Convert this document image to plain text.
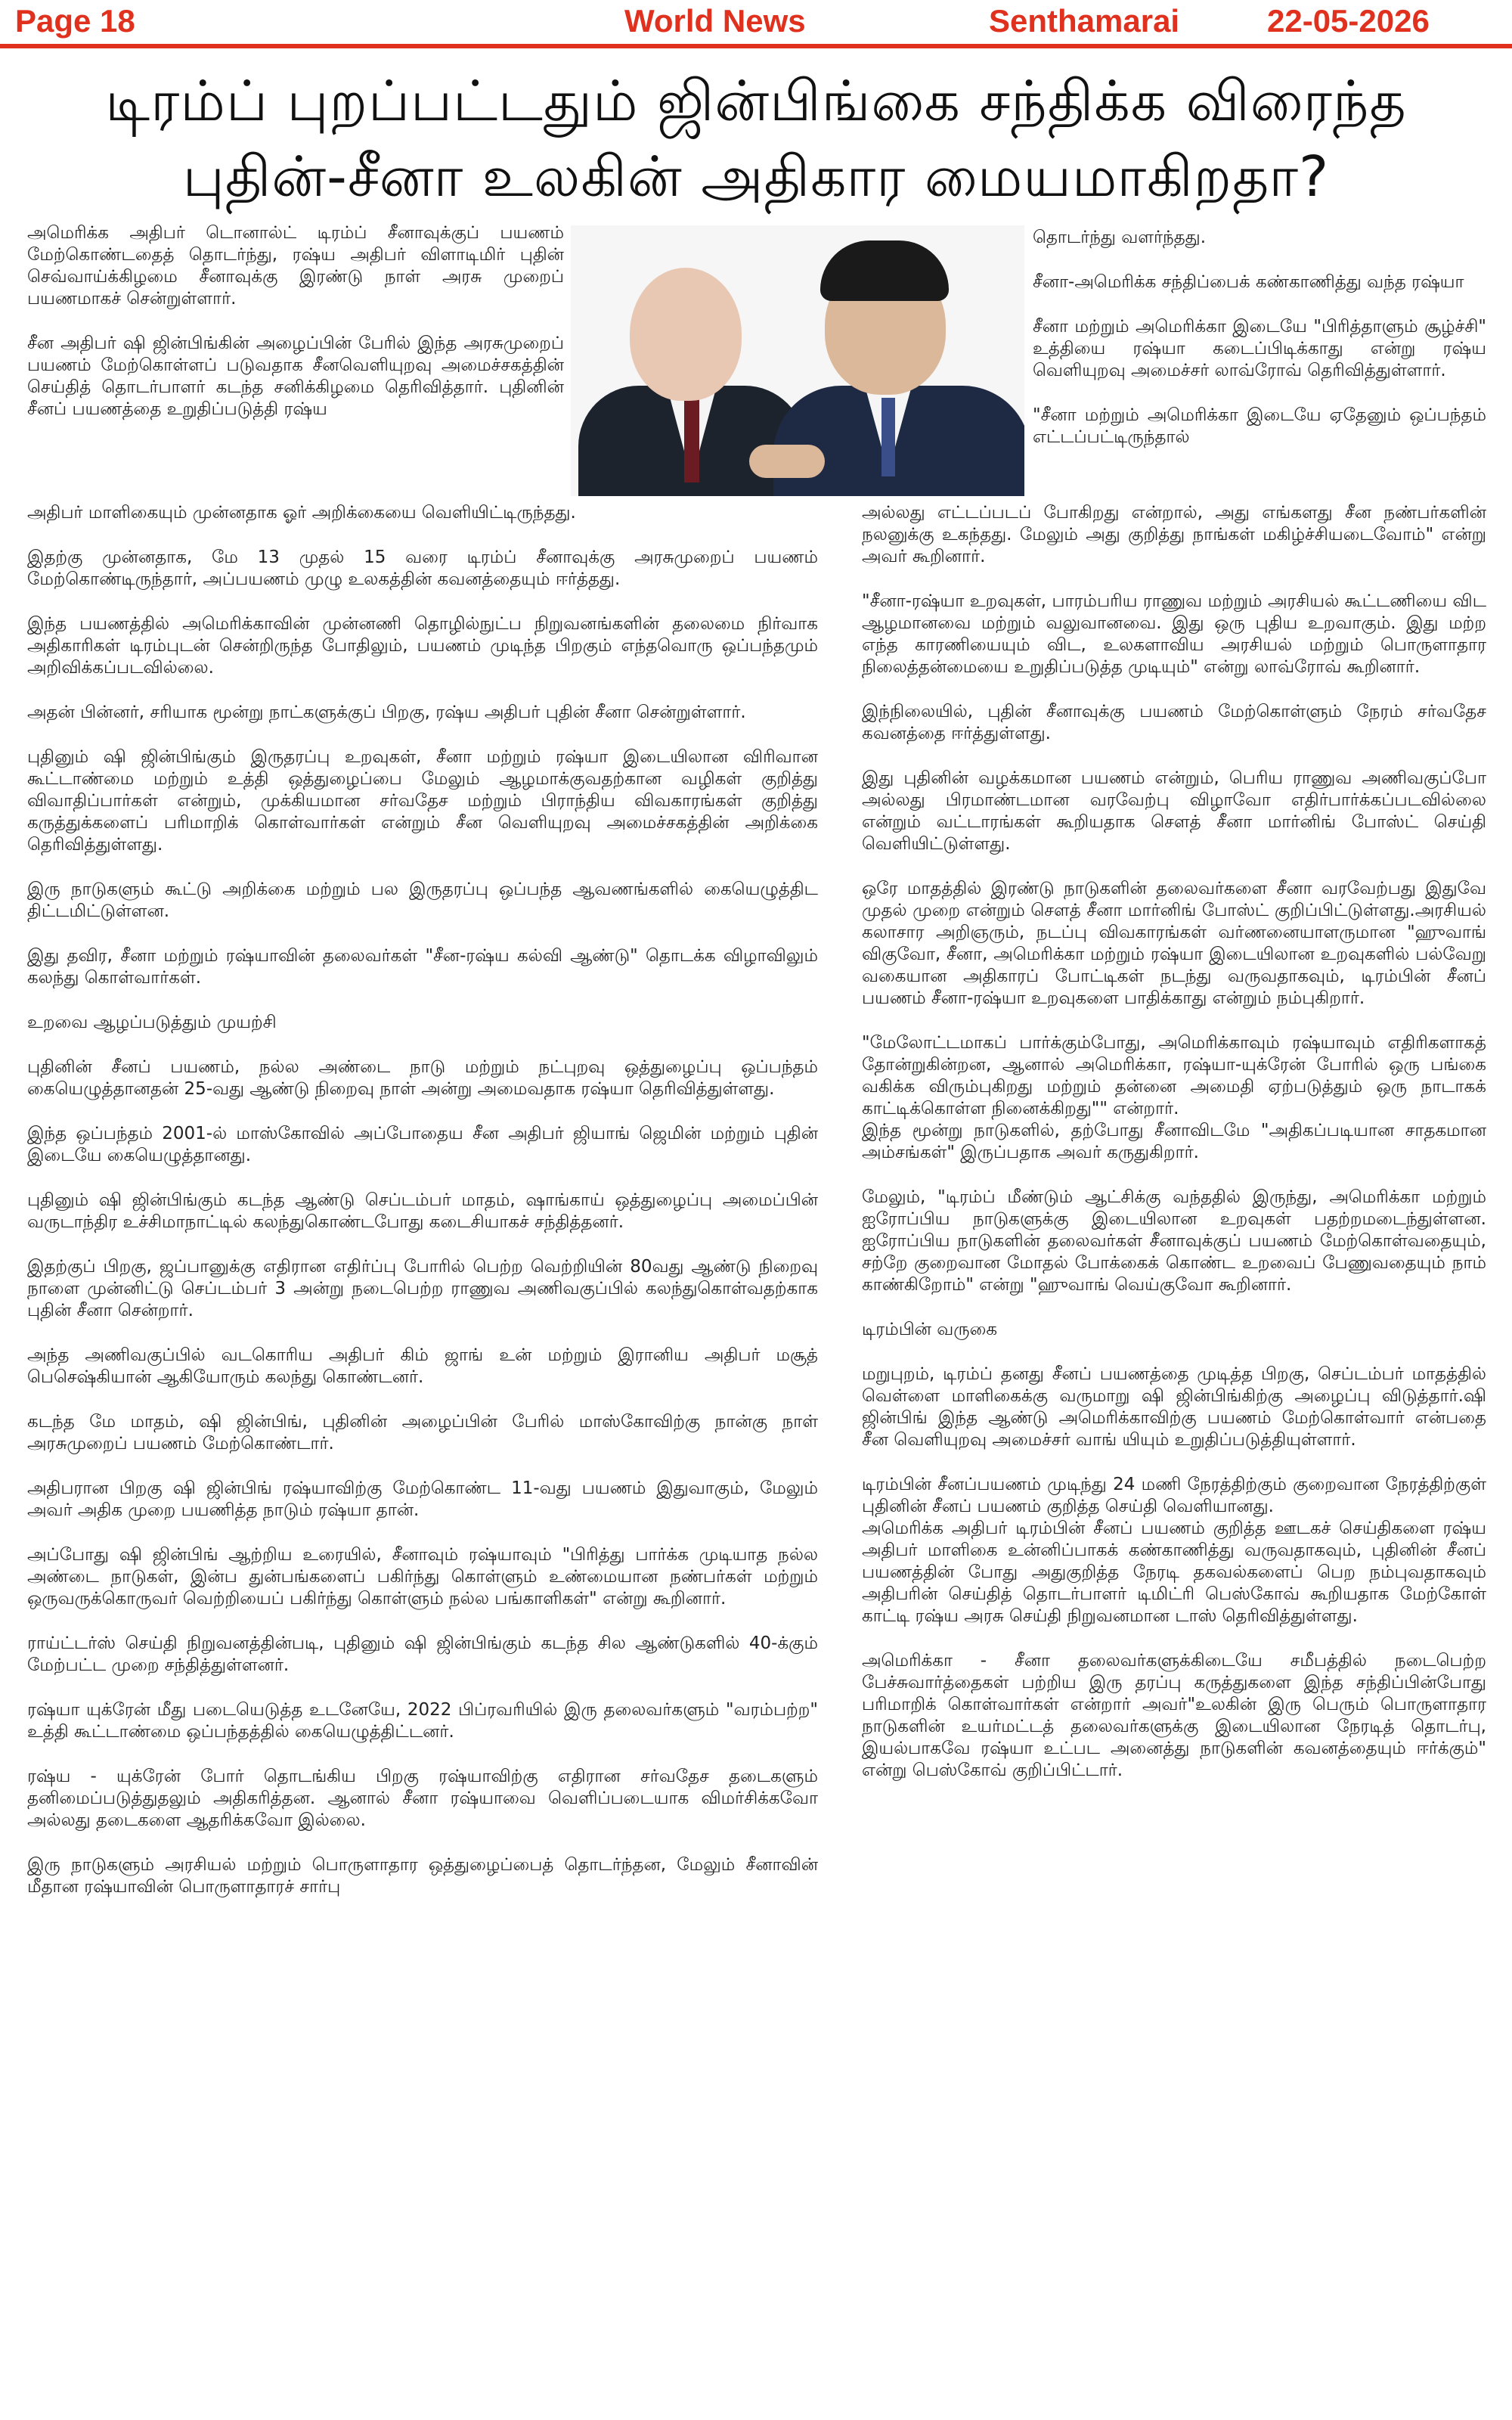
Page 18	World News	Senthamarai	22-05-2026
டிரம்ப் புறப்பட்டதும் ஜின்பிங்கை சந்திக்க விரைந்த
புதின்-சீனா உலகின் அதிகார மையமாகிறதா?

அமெரிக்க அதிபர் டொனால்ட் டிரம்ப் சீனாவுக்குப் பயணம் மேற்கொண்டதைத் தொடர்ந்து, ரஷ்ய அதிபர் விளாடிமிர் புதின் செவ்வாய்க்கிழமை சீனாவுக்கு இரண்டு நாள் அரசு முறைப் பயணமாகச் சென்றுள்ளார்.

சீன அதிபர் ஷி ஜின்பிங்கின் அழைப்பின் பேரில் இந்த அரசுமுறைப் பயணம் மேற்கொள்ளப் படுவதாக சீனவெளியுறவு அமைச்சகத்தின் செய்தித் தொடர்பாளர் கடந்த சனிக்கிழமை தெரிவித்தார். புதினின் சீனப் பயணத்தை உறுதிப்படுத்தி ரஷ்ய

அதிபர் மாளிகையும் முன்னதாக ஓர் அறிக்கையை வெளியிட்டிருந்தது.

இதற்கு முன்னதாக, மே 13 முதல் 15 வரை டிரம்ப் சீனாவுக்கு அரசுமுறைப் பயணம் மேற்கொண்டிருந்தார், அப்பயணம் முழு உலகத்தின் கவனத்தையும் ஈர்த்தது.

இந்த பயணத்தில் அமெரிக்காவின் முன்னணி தொழில்நுட்ப நிறுவனங்களின் தலைமை நிர்வாக அதிகாரிகள் டிரம்புடன் சென்றிருந்த போதிலும், பயணம் முடிந்த பிறகும் எந்தவொரு ஒப்பந்தமும் அறிவிக்கப்படவில்லை.

அதன் பின்னர், சரியாக மூன்று நாட்களுக்குப் பிறகு, ரஷ்ய அதிபர் புதின் சீனா சென்றுள்ளார்.

புதினும் ஷி ஜின்பிங்கும் இருதரப்பு உறவுகள், சீனா மற்றும் ரஷ்யா இடையிலான விரிவான கூட்டாண்மை மற்றும் உத்தி ஒத்துழைப்பை மேலும் ஆழமாக்குவதற்கான வழிகள் குறித்து விவாதிப்பார்கள் என்றும், முக்கியமான சர்வதேச மற்றும் பிராந்திய விவகாரங்கள் குறித்து கருத்துக்களைப் பரிமாறிக் கொள்வார்கள் என்றும் சீன வெளியுறவு அமைச்சகத்தின் அறிக்கை தெரிவித்துள்ளது.

இரு நாடுகளும் கூட்டு அறிக்கை மற்றும் பல இருதரப்பு ஒப்பந்த ஆவணங்களில் கையெழுத்திட திட்டமிட்டுள்ளன.

இது தவிர, சீனா மற்றும் ரஷ்யாவின் தலைவர்கள் "சீன-ரஷ்ய கல்வி ஆண்டு" தொடக்க விழாவிலும் கலந்து கொள்வார்கள்.

உறவை ஆழப்படுத்தும் முயற்சி

புதினின் சீனப் பயணம், நல்ல அண்டை நாடு மற்றும் நட்புறவு ஒத்துழைப்பு ஒப்பந்தம் கையெழுத்தானதன் 25-வது ஆண்டு நிறைவு நாள் அன்று அமைவதாக ரஷ்யா தெரிவித்துள்ளது.

இந்த ஒப்பந்தம் 2001-ல் மாஸ்கோவில் அப்போதைய சீன அதிபர் ஜியாங் ஜெமின் மற்றும் புதின் இடையே கையெழுத்தானது.

புதினும் ஷி ஜின்பிங்கும் கடந்த ஆண்டு செப்டம்பர் மாதம், ஷாங்காய் ஒத்துழைப்பு அமைப்பின் வருடாந்திர உச்சிமாநாட்டில் கலந்துகொண்டபோது கடைசியாகச் சந்தித்தனர்.

இதற்குப் பிறகு, ஜப்பானுக்கு எதிரான எதிர்ப்பு போரில் பெற்ற வெற்றியின் 80வது ஆண்டு நிறைவு நாளை முன்னிட்டு செப்டம்பர் 3 அன்று நடைபெற்ற ராணுவ அணிவகுப்பில் கலந்துகொள்வதற்காக புதின் சீனா சென்றார்.

அந்த அணிவகுப்பில் வடகொரிய அதிபர் கிம் ஜாங் உன் மற்றும் இரானிய அதிபர் மசூத் பெசெஷ்கியான் ஆகியோரும் கலந்து கொண்டனர்.

கடந்த மே மாதம், ஷி ஜின்பிங், புதினின் அழைப்பின் பேரில் மாஸ்கோவிற்கு நான்கு நாள் அரசுமுறைப் பயணம் மேற்கொண்டார்.

அதிபரான பிறகு ஷி ஜின்பிங் ரஷ்யாவிற்கு மேற்கொண்ட 11-வது பயணம் இதுவாகும், மேலும் அவர் அதிக முறை பயணித்த நாடும் ரஷ்யா தான்.

அப்போது ஷி ஜின்பிங் ஆற்றிய உரையில், சீனாவும் ரஷ்யாவும் "பிரித்து பார்க்க முடியாத நல்ல அண்டை நாடுகள், இன்ப துன்பங்களைப் பகிர்ந்து கொள்ளும் உண்மையான நண்பர்கள் மற்றும் ஒருவருக்கொருவர் வெற்றியைப் பகிர்ந்து கொள்ளும் நல்ல பங்காளிகள்" என்று கூறினார்.

ராய்ட்டர்ஸ் செய்தி நிறுவனத்தின்படி, புதினும் ஷி ஜின்பிங்கும் கடந்த சில ஆண்டுகளில் 40-க்கும் மேற்பட்ட முறை சந்தித்துள்ளனர்.

ரஷ்யா யுக்ரேன் மீது படையெடுத்த உடனேயே, 2022 பிப்ரவரியில் இரு தலைவர்களும் "வரம்பற்ற" உத்தி கூட்டாண்மை ஒப்பந்தத்தில் கையெழுத்திட்டனர்.

ரஷ்ய - யுக்ரேன் போர் தொடங்கிய பிறகு ரஷ்யாவிற்கு எதிரான சர்வதேச தடைகளும் தனிமைப்படுத்துதலும் அதிகரித்தன. ஆனால் சீனா ரஷ்யாவை வெளிப்படையாக விமர்சிக்கவோ அல்லது தடைகளை ஆதரிக்கவோ இல்லை.

இரு நாடுகளும் அரசியல் மற்றும் பொருளாதார ஒத்துழைப்பைத் தொடர்ந்தன, மேலும் சீனாவின் மீதான ரஷ்யாவின் பொருளாதாரச் சார்பு

தொடர்ந்து வளர்ந்தது.

சீனா-அமெரிக்க சந்திப்பைக் கண்காணித்து வந்த ரஷ்யா

சீனா மற்றும் அமெரிக்கா இடையே "பிரித்தாளும் சூழ்ச்சி" உத்தியை ரஷ்யா கடைப்பிடிக்காது என்று ரஷ்ய வெளியுறவு அமைச்சர் லாவ்ரோவ் தெரிவித்துள்ளார்.

"சீனா மற்றும் அமெரிக்கா இடையே ஏதேனும் ஒப்பந்தம் எட்டப்பட்டிருந்தால்

அல்லது எட்டப்படப் போகிறது என்றால், அது எங்களது சீன நண்பர்களின் நலனுக்கு உகந்தது. மேலும் அது குறித்து நாங்கள் மகிழ்ச்சியடைவோம்" என்று அவர் கூறினார்.

"சீனா-ரஷ்யா உறவுகள், பாரம்பரிய ராணுவ மற்றும் அரசியல் கூட்டணியை விட ஆழமானவை மற்றும் வலுவானவை. இது ஒரு புதிய உறவாகும். இது மற்ற எந்த காரணியையும் விட, உலகளாவிய அரசியல் மற்றும் பொருளாதார நிலைத்தன்மையை உறுதிப்படுத்த முடியும்" என்று லாவ்ரோவ் கூறினார்.

இந்நிலையில், புதின் சீனாவுக்கு பயணம் மேற்கொள்ளும் நேரம் சர்வதேச கவனத்தை ஈர்த்துள்ளது.

இது புதினின் வழக்கமான பயணம் என்றும், பெரிய ராணுவ அணிவகுப்போ அல்லது பிரமாண்டமான வரவேற்பு விழாவோ எதிர்பார்க்கப்படவில்லை என்றும் வட்டாரங்கள் கூறியதாக சௌத் சீனா மார்னிங் போஸ்ட் செய்தி வெளியிட்டுள்ளது.

ஒரே மாதத்தில் இரண்டு நாடுகளின் தலைவர்களை சீனா வரவேற்பது இதுவே முதல் முறை என்றும் சௌத் சீனா மார்னிங் போஸ்ட் குறிப்பிட்டுள்ளது.அரசியல் கலாசார அறிஞரும், நடப்பு விவகாரங்கள் வர்ணனையாளருமான "ஹுவாங் விகுவோ, சீனா, அமெரிக்கா மற்றும் ரஷ்யா இடையிலான உறவுகளில் பல்வேறு வகையான அதிகாரப் போட்டிகள் நடந்து வருவதாகவும், டிரம்பின் சீனப் பயணம் சீனா-ரஷ்யா உறவுகளை பாதிக்காது என்றும் நம்புகிறார்.

"மேலோட்டமாகப் பார்க்கும்போது, அமெரிக்காவும் ரஷ்யாவும் எதிரிகளாகத் தோன்றுகின்றன, ஆனால் அமெரிக்கா, ரஷ்யா-யுக்ரேன் போரில் ஒரு பங்கை வகிக்க விரும்புகிறது மற்றும் தன்னை அமைதி ஏற்படுத்தும் ஒரு நாடாகக் காட்டிக்கொள்ள நினைக்கிறது"" என்றார்.

இந்த மூன்று நாடுகளில், தற்போது சீனாவிடமே "அதிகப்படியான சாதகமான அம்சங்கள்" இருப்பதாக அவர் கருதுகிறார்.

மேலும், "டிரம்ப் மீண்டும் ஆட்சிக்கு வந்ததில் இருந்து, அமெரிக்கா மற்றும் ஐரோப்பிய நாடுகளுக்கு இடையிலான உறவுகள் பதற்றமடைந்துள்ளன. ஐரோப்பிய நாடுகளின் தலைவர்கள் சீனாவுக்குப் பயணம் மேற்கொள்வதையும், சற்றே குறைவான மோதல் போக்கைக் கொண்ட உறவைப் பேணுவதையும் நாம் காண்கிறோம்" என்று "ஹுவாங் வெய்குவோ கூறினார்.

டிரம்பின் வருகை

மறுபுறம், டிரம்ப் தனது சீனப் பயணத்தை முடித்த பிறகு, செப்டம்பர் மாதத்தில் வெள்ளை மாளிகைக்கு வருமாறு ஷி ஜின்பிங்கிற்கு அழைப்பு விடுத்தார்.ஷி ஜின்பிங் இந்த ஆண்டு அமெரிக்காவிற்கு பயணம் மேற்கொள்வார் என்பதை சீன வெளியுறவு அமைச்சர் வாங் யியும் உறுதிப்படுத்தியுள்ளார்.

டிரம்பின் சீனப்பயணம் முடிந்து 24 மணி நேரத்திற்கும் குறைவான நேரத்திற்குள் புதினின் சீனப் பயணம் குறித்த செய்தி வெளியானது.

அமெரிக்க அதிபர் டிரம்பின் சீனப் பயணம் குறித்த ஊடகச் செய்திகளை ரஷ்ய அதிபர் மாளிகை உன்னிப்பாகக் கண்காணித்து வருவதாகவும், புதினின் சீனப் பயணத்தின் போது அதுகுறித்த நேரடி தகவல்களைப் பெற நம்புவதாகவும் அதிபரின் செய்தித் தொடர்பாளர் டிமிட்ரி பெஸ்கோவ் கூறியதாக மேற்கோள் காட்டி ரஷ்ய அரசு செய்தி நிறுவனமான டாஸ் தெரிவித்துள்ளது.

அமெரிக்கா - சீனா தலைவர்களுக்கிடையே சமீபத்தில் நடைபெற்ற பேச்சுவார்த்தைகள் பற்றிய இரு தரப்பு கருத்துகளை இந்த சந்திப்பின்போது பரிமாறிக் கொள்வார்கள் என்றார் அவர்"உலகின் இரு பெரும் பொருளாதார நாடுகளின் உயர்மட்டத் தலைவர்களுக்கு இடையிலான நேரடித் தொடர்பு, இயல்பாகவே ரஷ்யா உட்பட அனைத்து நாடுகளின் கவனத்தையும் ஈர்க்கும்" என்று பெஸ்கோவ் குறிப்பிட்டார்.
